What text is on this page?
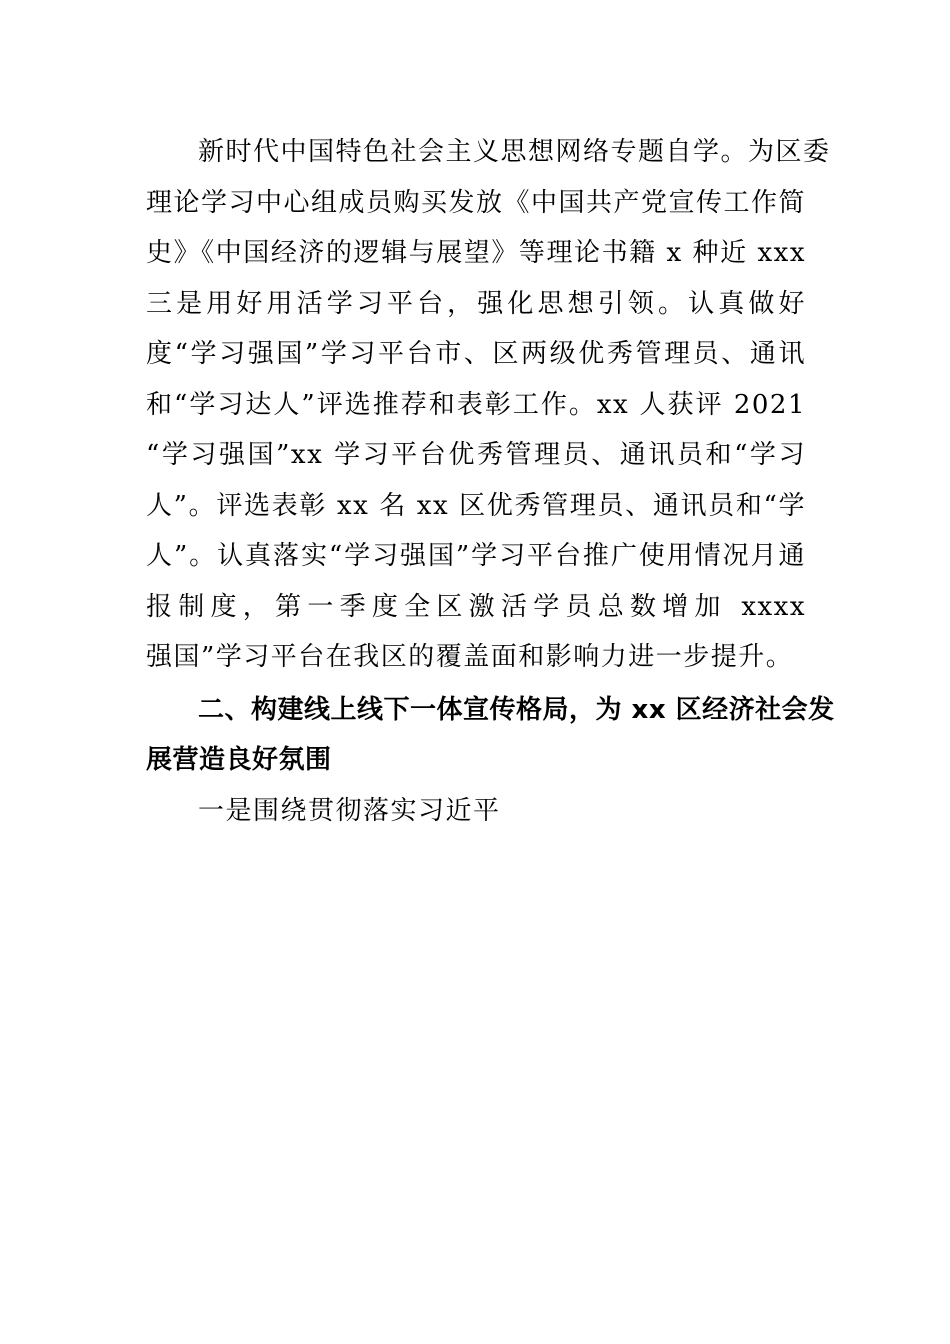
新时代中国特色社会主义思想网络专题自学。为区委
理论学习中心组成员购买发放《中国共产党宣传工作简
史》《中国经济的逻辑与展望》等理论书籍 x 种近 xxx
三是用好用活学习平台，强化思想引领。认真做好
度“学习强国”学习平台市、区两级优秀管理员、通讯
和“学习达人”评选推荐和表彰工作。xx 人获评 2021
“学习强国”xx 学习平台优秀管理员、通讯员和“学习
人”。评选表彰 xx 名 xx 区优秀管理员、通讯员和“学
人”。认真落实“学习强国”学习平台推广使用情况月通
报制度，第一季度全区激活学员总数增加 xxxx
强国”学习平台在我区的覆盖面和影响力进一步提升。
二、构建线上线下一体宣传格局，为 xx 区经济社会发
展营造良好氛围
一是围绕贯彻落实习近平
